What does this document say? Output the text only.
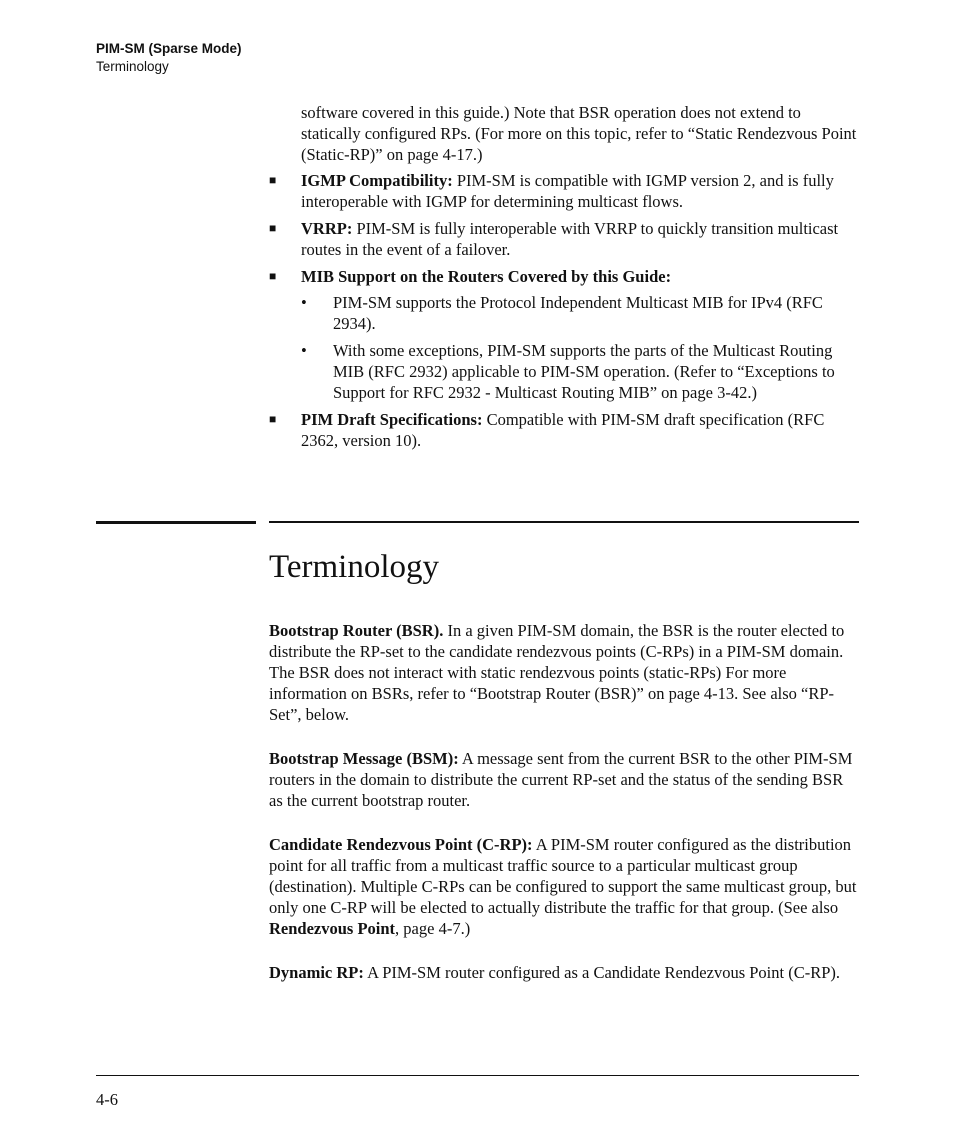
PIM-SM (Sparse Mode)
Terminology

software covered in this guide.) Note that BSR operation does not extend to statically configured RPs. (For more on this topic, refer to “Static Rendezvous Point (Static-RP)” on page 4-17.)

■ IGMP Compatibility: PIM-SM is compatible with IGMP version 2, and is fully interoperable with IGMP for determining multicast flows.
■ VRRP: PIM-SM is fully interoperable with VRRP to quickly transition multicast routes in the event of a failover.
■ MIB Support on the Routers Covered by this Guide:
• PIM-SM supports the Protocol Independent Multicast MIB for IPv4 (RFC 2934).
• With some exceptions, PIM-SM supports the parts of the Multicast Routing MIB (RFC 2932) applicable to PIM-SM operation. (Refer to “Exceptions to Support for RFC 2932 - Multicast Routing MIB” on page 3-42.)
■ PIM Draft Specifications: Compatible with PIM-SM draft specification (RFC 2362, version 10).
Terminology

Bootstrap Router (BSR). In a given PIM-SM domain, the BSR is the router elected to distribute the RP-set to the candidate rendezvous points (C-RPs) in a PIM-SM domain. The BSR does not interact with static rendezvous points (static-RPs) For more information on BSRs, refer to “Bootstrap Router (BSR)” on page 4-13. See also “RP-Set”, below.

Bootstrap Message (BSM): A message sent from the current BSR to the other PIM-SM routers in the domain to distribute the current RP-set and the status of the sending BSR as the current bootstrap router.

Candidate Rendezvous Point (C-RP): A PIM-SM router configured as the distribution point for all traffic from a multicast traffic source to a particular multicast group (destination). Multiple C-RPs can be configured to support the same multicast group, but only one C-RP will be elected to actually distribute the traffic for that group. (See also Rendezvous Point, page 4-7.)

Dynamic RP: A PIM-SM router configured as a Candidate Rendezvous Point (C-RP).

4-6
